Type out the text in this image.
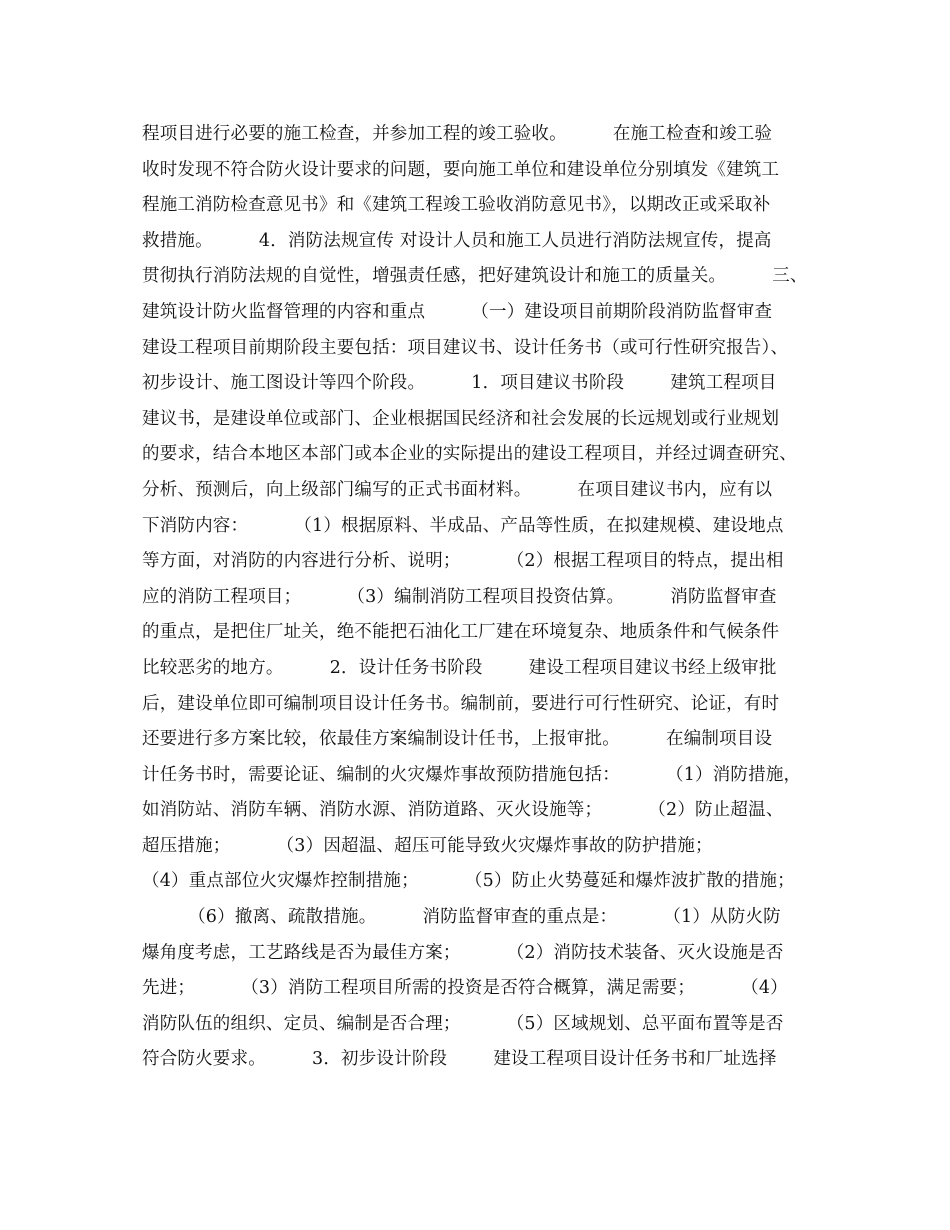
程项目进行必要的施工检查，并参加工程的竣工验收。        在施工检查和竣工验
收时发现不符合防火设计要求的问题，要向施工单位和建设单位分别填发《建筑工
程施工消防检查意见书》和《建筑工程竣工验收消防意见书》，以期改正或采取补
救措施。        4．消防法规宣传 对设计人员和施工人员进行消防法规宣传，提高
贯彻执行消防法规的自觉性，增强责任感，把好建筑设计和施工的质量关。        三、
建筑设计防火监督管理的内容和重点        （一）建设项目前期阶段消防监督审查
建设工程项目前期阶段主要包括：项目建议书、设计任务书（或可行性研究报告）、
初步设计、施工图设计等四个阶段。        1．项目建议书阶段        建筑工程项目
建议书，是建设单位或部门、企业根据国民经济和社会发展的长远规划或行业规划
的要求，结合本地区本部门或本企业的实际提出的建设工程项目，并经过调查研究、
分析、预测后，向上级部门编写的正式书面材料。        在项目建议书内，应有以
下消防内容：        （1）根据原料、半成品、产品等性质，在拟建规模、建设地点
等方面，对消防的内容进行分析、说明；        （2）根据工程项目的特点，提出相
应的消防工程项目；        （3）编制消防工程项目投资估算。        消防监督审查
的重点，是把住厂址关，绝不能把石油化工厂建在环境复杂、地质条件和气候条件
比较恶劣的地方。        2．设计任务书阶段        建设工程项目建议书经上级审批
后，建设单位即可编制项目设计任务书。编制前，要进行可行性研究、论证，有时
还要进行多方案比较，依最佳方案编制设计任书，上报审批。        在编制项目设
计任务书时，需要论证、编制的火灾爆炸事故预防措施包括：        （1）消防措施，
如消防站、消防车辆、消防水源、消防道路、灭火设施等；        （2）防止超温、
超压措施；        （3）因超温、超压可能导致火灾爆炸事故的防护措施；
（4）重点部位火灾爆炸控制措施；        （5）防止火势蔓延和爆炸波扩散的措施；
（6）撤离、疏散措施。        消防监督审查的重点是：        （1）从防火防
爆角度考虑，工艺路线是否为最佳方案；        （2）消防技术装备、灭火设施是否
先进；        （3）消防工程项目所需的投资是否符合概算，满足需要；        （4）
消防队伍的组织、定员、编制是否合理；        （5）区域规划、总平面布置等是否
符合防火要求。        3．初步设计阶段        建设工程项目设计任务书和厂址选择
